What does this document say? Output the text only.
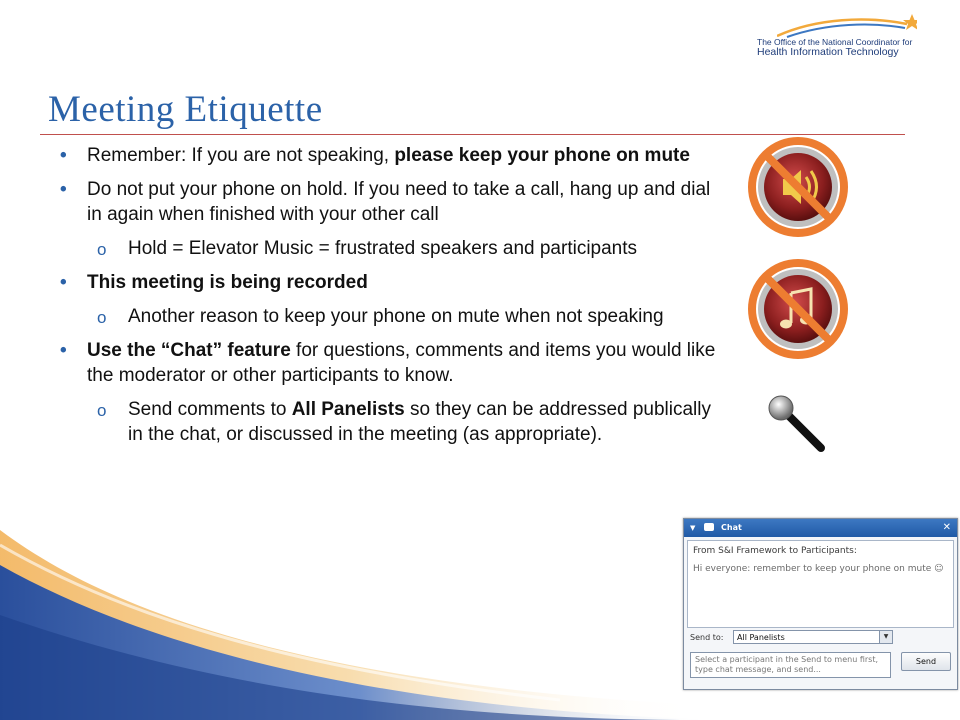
The Office of the National Coordinator for
Health Information Technology
Meeting Etiquette
• Remember: If you are not speaking, please keep your phone on mute
• Do not put your phone on hold. If you need to take a call, hang up and dial in again when finished with your other call
o Hold = Elevator Music = frustrated speakers and participants
• This meeting is being recorded
o Another reason to keep your phone on mute when not speaking
• Use the “Chat” feature for questions, comments and items you would like the moderator or other participants to know.
o Send comments to All Panelists so they can be addressed publically in the chat, or discussed in the meeting (as appropriate).
▼	Chat	✕
From S&I Framework to Participants:
Hi everyone: remember to keep your phone on mute ☺
Send to:	All Panelists	▼
Select a participant in the Send to menu first, type chat message, and send...
Send
